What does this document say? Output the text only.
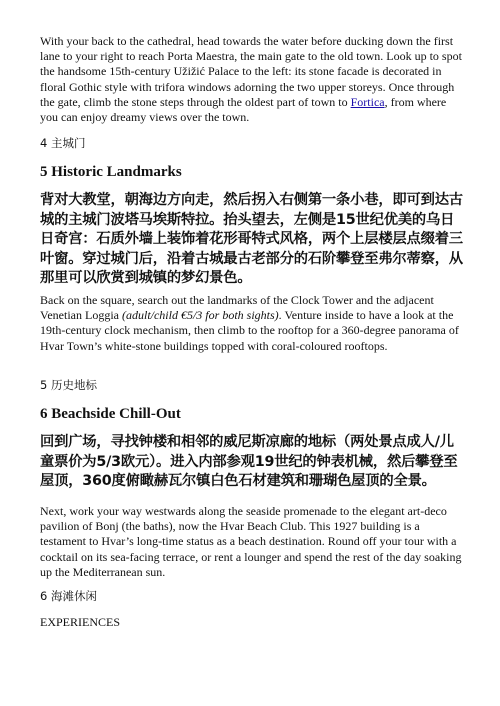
With your back to the cathedral, head towards the water before ducking down the first lane to your right to reach Porta Maestra, the main gate to the old town. Look up to spot the handsome 15th-century Užižić Palace to the left: its stone facade is decorated in floral Gothic style with trifora windows adorning the two upper storeys. Once through the gate, climb the stone steps through the oldest part of town to Fortica, from where you can enjoy dreamy views over the town.

4 主城门

5 Historic Landmarks

背对大教堂，朝海边方向走，然后拐入右侧第一条小巷，即可到达古城的主城门波塔马埃斯特拉。抬头望去，左侧是15世纪优美的乌日日奇宫：石质外墙上装饰着花形哥特式风格，两个上层楼层点缀着三叶窗。穿过城门后，沿着古城最古老部分的石阶攀登至弗尔蒂察，从那里可以欣赏到城镇的梦幻景色。

Back on the square, search out the landmarks of the Clock Tower and the adjacent Venetian Loggia (adult/child €5/3 for both sights). Venture inside to have a look at the 19th-century clock mechanism, then climb to the rooftop for a 360-degree panorama of Hvar Town’s white-stone buildings topped with coral-coloured rooftops.

5 历史地标

6 Beachside Chill-Out

回到广场，寻找钟楼和相邻的威尼斯凉廊的地标（两处景点成人/儿童票价为5/3欧元）。进入内部参观19世纪的钟表机械，然后攀登至屋顶，360度俯瞰赫瓦尔镇白色石材建筑和珊瑚色屋顶的全景。

Next, work your way westwards along the seaside promenade to the elegant art-deco pavilion of Bonj (the baths), now the Hvar Beach Club. This 1927 building is a testament to Hvar’s long-time status as a beach destination. Round off your tour with a cocktail on its sea-facing terrace, or rent a lounger and spend the rest of the day soaking up the Mediterranean sun.

6 海滩休闲

EXPERIENCES
